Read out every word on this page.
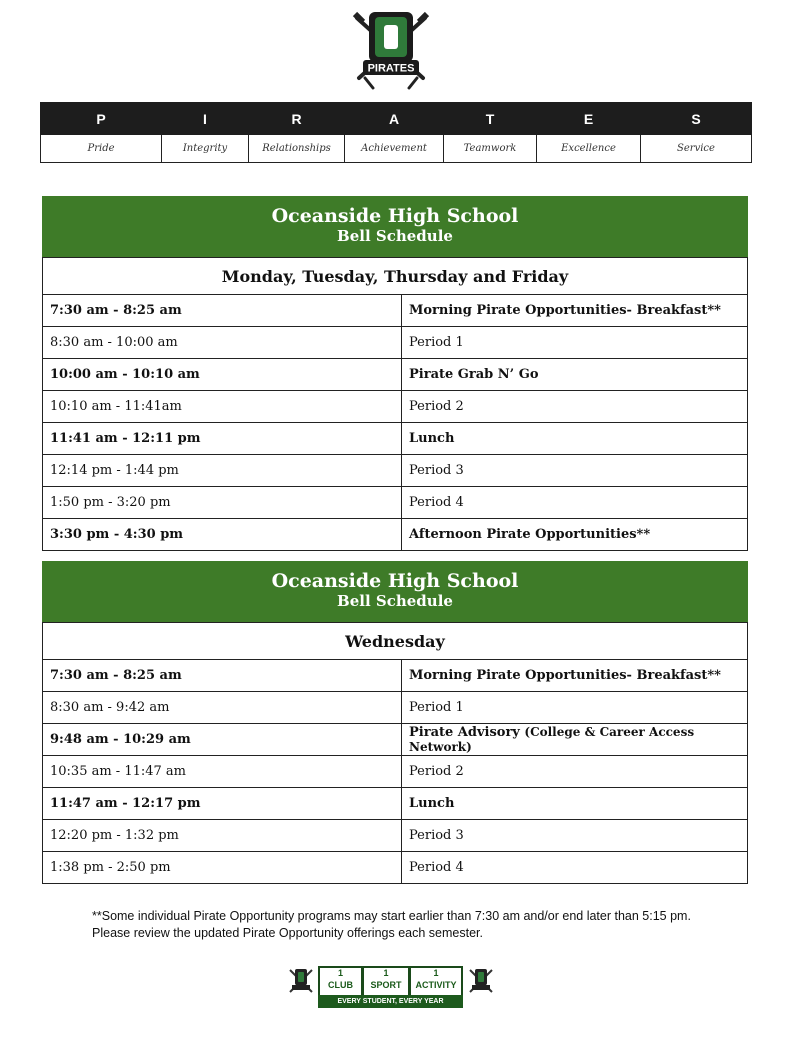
PIRATES
P	I	R	A	T	E	S
Pride	Integrity	Relationships	Achievement	Teamwork	Excellence	Service
Oceanside High School
Bell Schedule
Monday, Tuesday, Thursday and Friday	
7:30 am - 8:25 am	Morning Pirate Opportunities- Breakfast**
8:30 am - 10:00 am	Period 1
10:00 am - 10:10 am	Pirate Grab N’ Go
10:10 am - 11:41am	Period 2
11:41 am - 12:11 pm	Lunch
12:14 pm - 1:44 pm	Period 3
1:50 pm - 3:20 pm	Period 4
3:30 pm - 4:30 pm	Afternoon Pirate Opportunities**
Oceanside High School
Bell Schedule
Wednesday	
7:30 am - 8:25 am	Morning Pirate Opportunities- Breakfast**
8:30 am - 9:42 am	Period 1
9:48 am - 10:29 am	Pirate Advisory (College & Career Access Network)
10:35 am - 11:47 am	Period 2
11:47 am - 12:17 pm	Lunch
12:20 pm - 1:32 pm	Period 3
1:38 pm - 2:50 pm	Period 4
**Some individual Pirate Opportunity programs may start earlier than 7:30 am and/or end later than 5:15 pm. Please review the updated Pirate Opportunity offerings each semester.
1
CLUB
1
SPORT
1
ACTIVITY
EVERY STUDENT, EVERY YEAR
